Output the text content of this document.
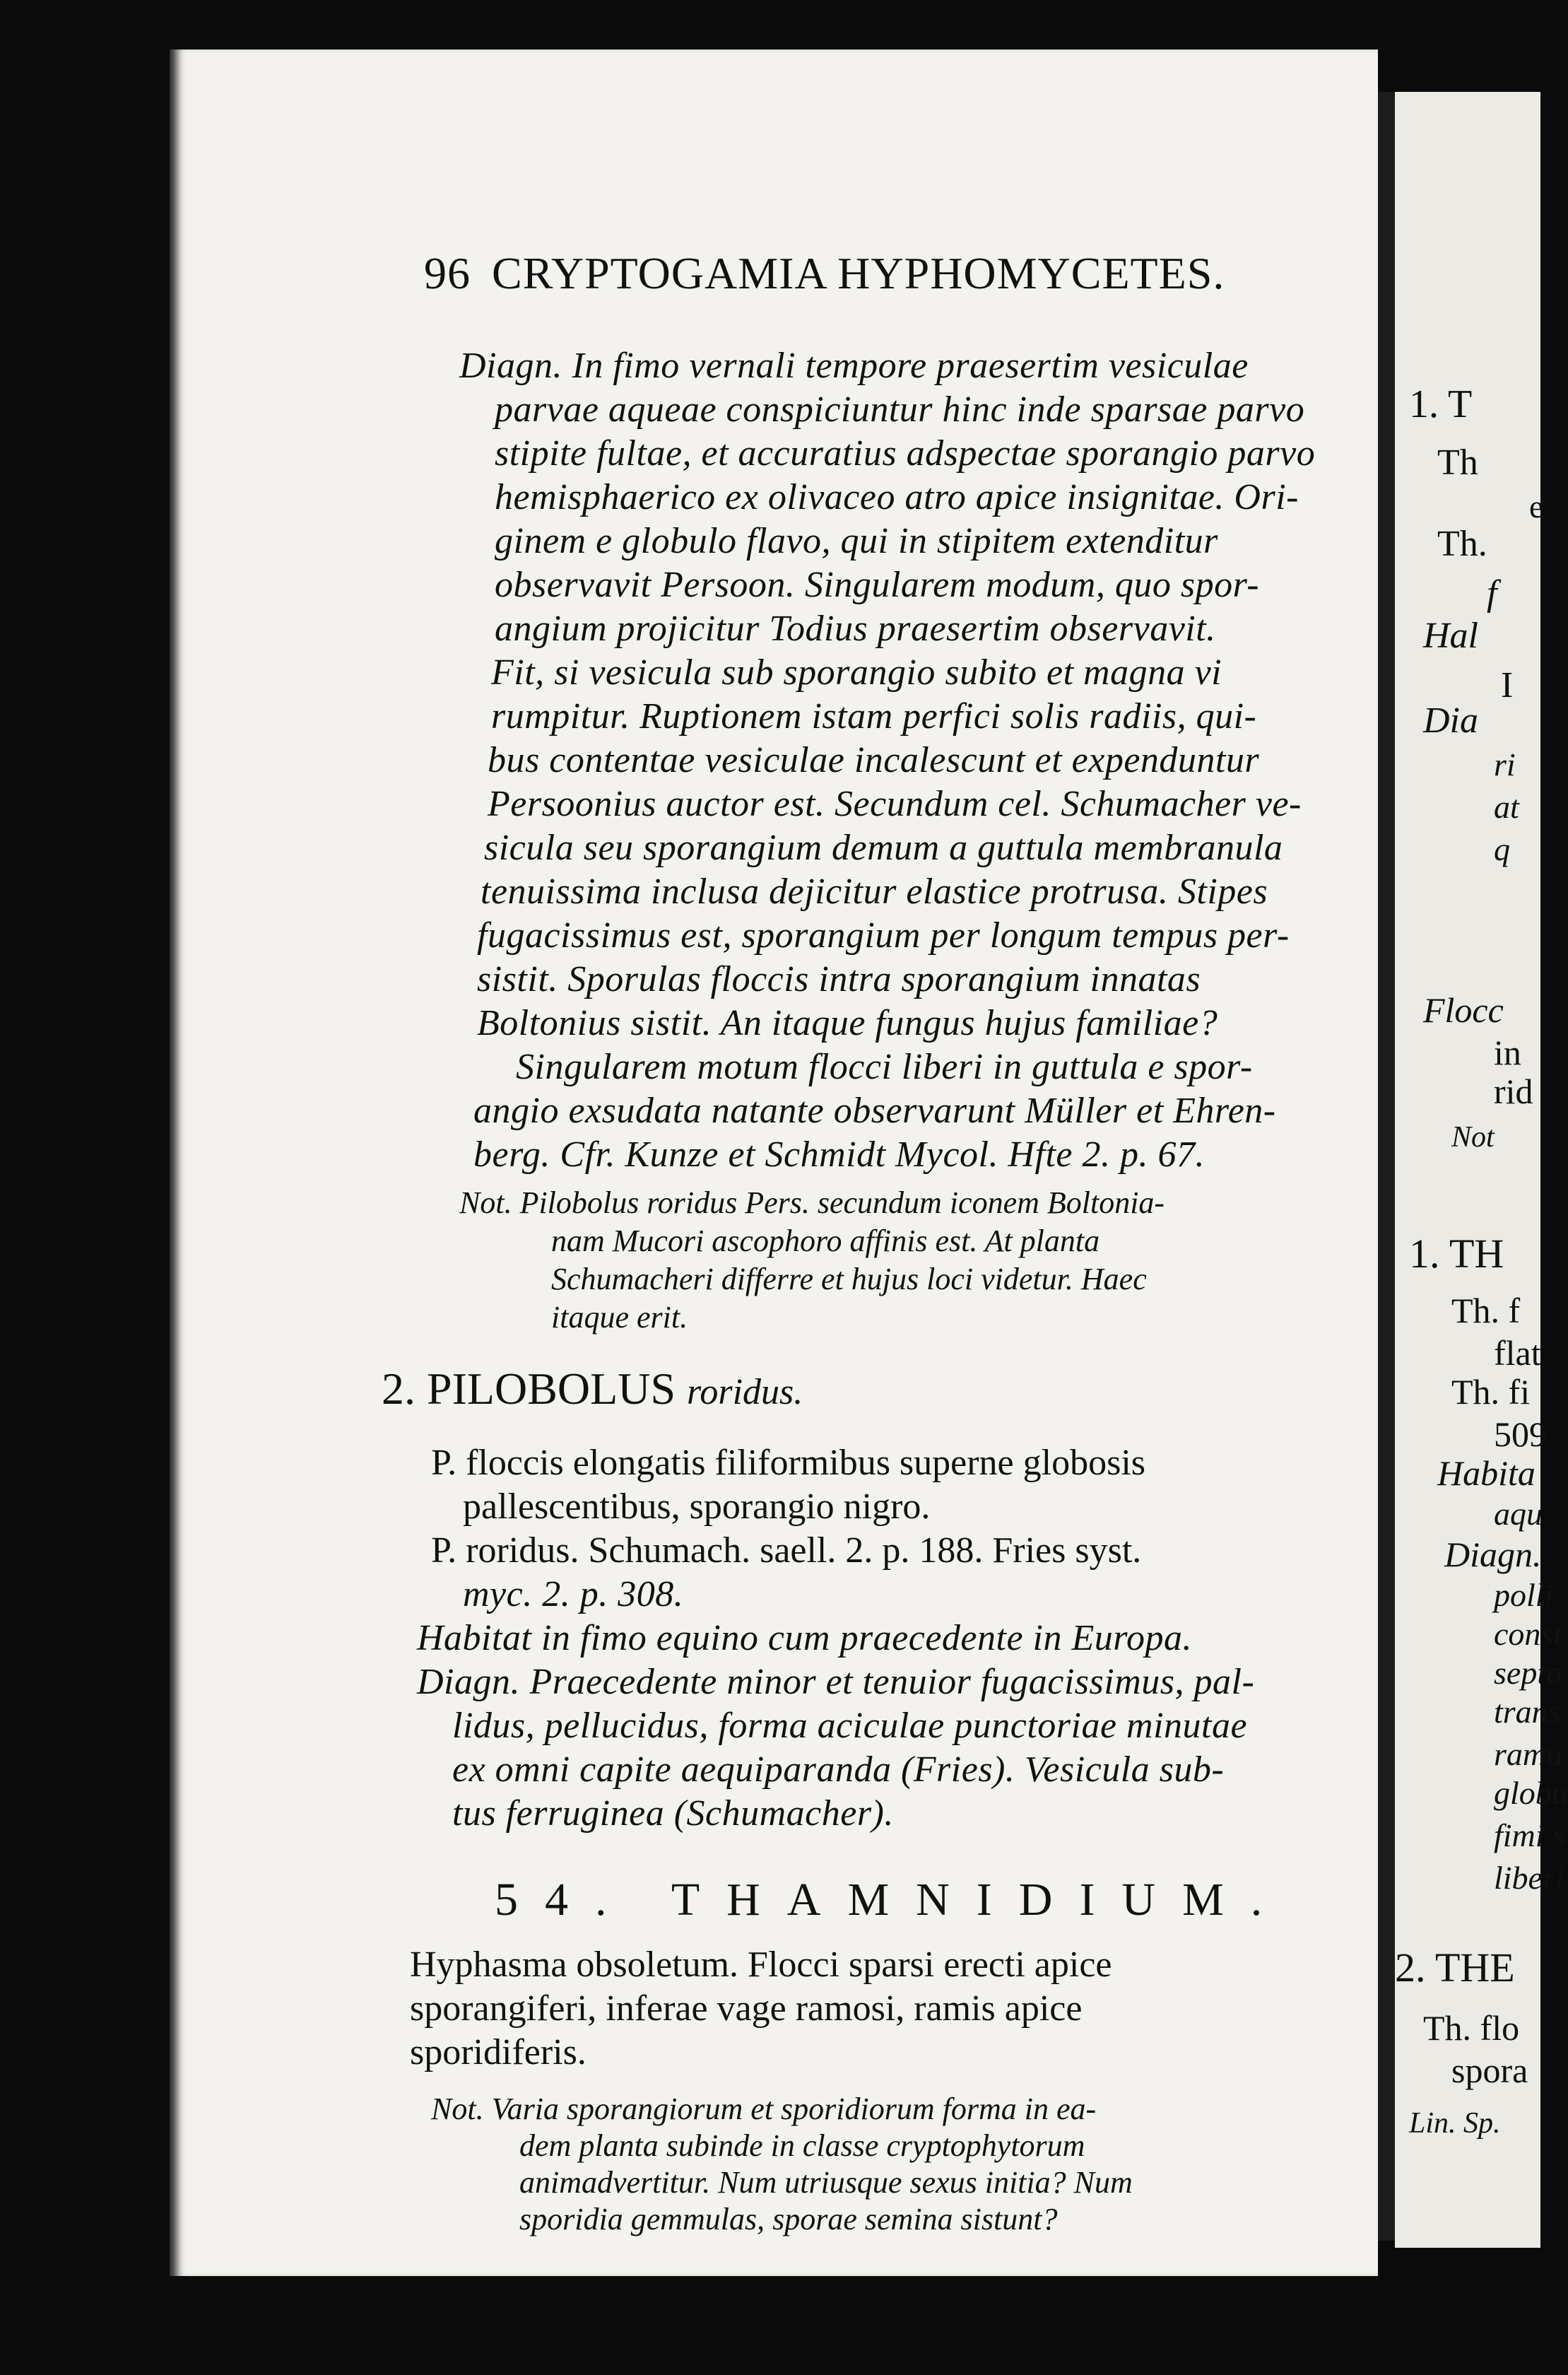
1. T
Th
e
Th.
f
Hal
I
Dia
ri
at
q
Flocc
in
rid
Not
1. TH
Th. f
flat
Th. fi
509
Habita
aqu
Diagn.
polli
const
septa
trans
ramu
globu
fimi s
liberi
2. THE
Th. flo
spora
Lin. Sp.
96 CRYPTOGAMIA HYPHOMYCETES.

Diagn. In fimo vernali tempore praesertim vesiculae

parvae aqueae conspiciuntur hinc inde sparsae parvo

stipite fultae, et accuratius adspectae sporangio parvo

hemisphaerico ex olivaceo atro apice insignitae. Ori-

ginem e globulo flavo, qui in stipitem extenditur

observavit Persoon. Singularem modum, quo spor-

angium projicitur Todius praesertim observavit.

Fit, si vesicula sub sporangio subito et magna vi

rumpitur. Ruptionem istam perfici solis radiis, qui-

bus contentae vesiculae incalescunt et expenduntur

Persoonius auctor est. Secundum cel. Schumacher ve-

sicula seu sporangium demum a guttula membranula

tenuissima inclusa dejicitur elastice protrusa. Stipes

fugacissimus est, sporangium per longum tempus per-

sistit. Sporulas floccis intra sporangium innatas

Boltonius sistit. An itaque fungus hujus familiae?

Singularem motum flocci liberi in guttula e spor-

angio exsudata natante observarunt Müller et Ehren-

berg. Cfr. Kunze et Schmidt Mycol. Hfte 2. p. 67.

Not. Pilobolus roridus Pers. secundum iconem Boltonia-

nam Mucori ascophoro affinis est. At planta

Schumacheri differre et hujus loci videtur. Haec

itaque erit.

2. PILOBOLUS roridus.

P. floccis elongatis filiformibus superne globosis

pallescentibus, sporangio nigro.

P. roridus. Schumach. saell. 2. p. 188. Fries syst.

myc. 2. p. 308.

Habitat in fimo equino cum praecedente in Europa.

Diagn. Praecedente minor et tenuior fugacissimus, pal-

lidus, pellucidus, forma aciculae punctoriae minutae

ex omni capite aequiparanda (Fries). Vesicula sub-

tus ferruginea (Schumacher).

54. THAMNIDIUM.

Hyphasma obsoletum. Flocci sparsi erecti apice

sporangiferi, inferae vage ramosi, ramis apice

sporidiferis.

Not. Varia sporangiorum et sporidiorum forma in ea-

dem planta subinde in classe cryptophytorum

animadvertitur. Num utriusque sexus initia? Num

sporidia gemmulas, sporae semina sistunt?
